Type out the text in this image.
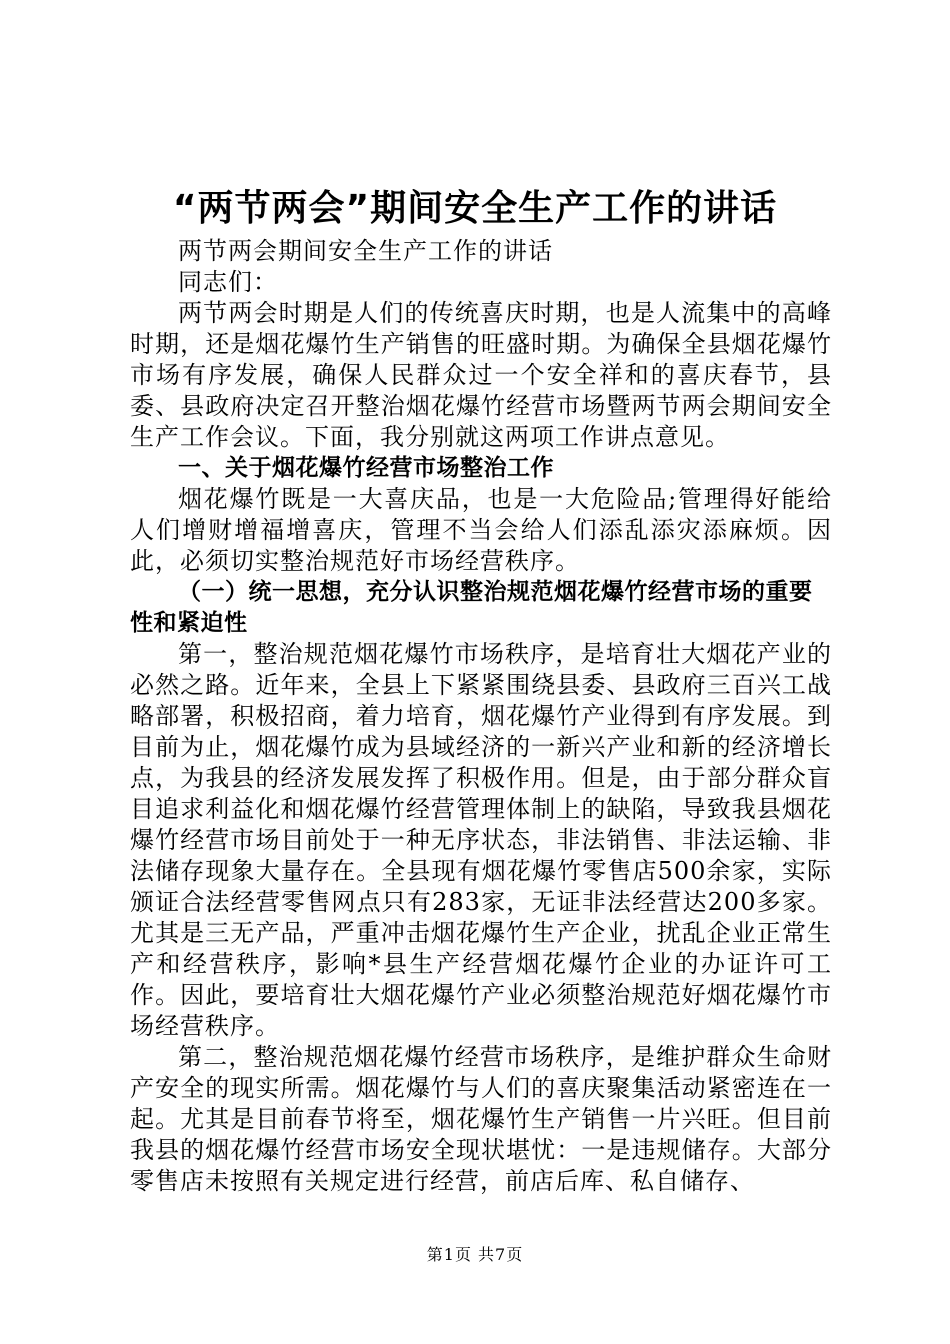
“两节两会”期间安全生产工作的讲话

两节两会期间安全生产工作的讲话

同志们：

两节两会时期是人们的传统喜庆时期，也是人流集中的高峰时期，还是烟花爆竹生产销售的旺盛时期。为确保全县烟花爆竹市场有序发展，确保人民群众过一个安全祥和的喜庆春节，县委、县政府决定召开整治烟花爆竹经营市场暨两节两会期间安全生产工作会议。下面，我分别就这两项工作讲点意见。

一、关于烟花爆竹经营市场整治工作

烟花爆竹既是一大喜庆品，也是一大危险品;管理得好能给人们增财增福增喜庆，管理不当会给人们添乱添灾添麻烦。因此，必须切实整治规范好市场经营秩序。

（一）统一思想，充分认识整治规范烟花爆竹经营市场的重要性和紧迫性

第一，整治规范烟花爆竹市场秩序，是培育壮大烟花产业的必然之路。近年来，全县上下紧紧围绕县委、县政府三百兴工战略部署，积极招商，着力培育，烟花爆竹产业得到有序发展。到目前为止，烟花爆竹成为县域经济的一新兴产业和新的经济增长点，为我县的经济发展发挥了积极作用。但是，由于部分群众盲目追求利益化和烟花爆竹经营管理体制上的缺陷，导致我县烟花爆竹经营市场目前处于一种无序状态，非法销售、非法运输、非法储存现象大量存在。全县现有烟花爆竹零售店500余家，实际颁证合法经营零售网点只有283家，无证非法经营达200多家。尤其是三无产品，严重冲击烟花爆竹生产企业，扰乱企业正常生产和经营秩序，影响*县生产经营烟花爆竹企业的办证许可工作。因此，要培育壮大烟花爆竹产业必须整治规范好烟花爆竹市场经营秩序。

第二，整治规范烟花爆竹经营市场秩序，是维护群众生命财产安全的现实所需。烟花爆竹与人们的喜庆聚集活动紧密连在一起。尤其是目前春节将至，烟花爆竹生产销售一片兴旺。但目前我县的烟花爆竹经营市场安全现状堪忧：一是违规储存。大部分零售店未按照有关规定进行经营，前店后库、私自储存、

第1页 共7页
